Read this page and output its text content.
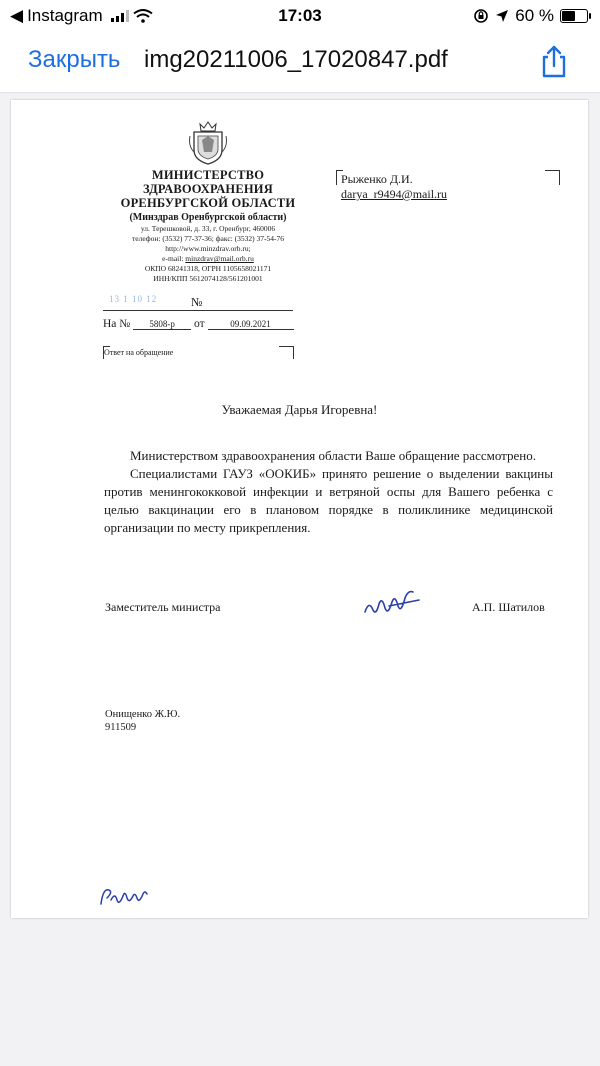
◀ Instagram	17:03	60 %
Закрыть img20211006_17020847.pdf
МИНИСТЕРСТВО
ЗДРАВООХРАНЕНИЯ
ОРЕНБУРГСКОЙ ОБЛАСТИ
(Минздрав Оренбургской области)
ул. Терешковой, д. 33, г. Оренбург, 460006
телефон: (3532) 77-37-36; факс: (3532) 37-54-76
http://www.minzdrav.orb.ru;
e-mail: minzdrav@mail.orb.ru
ОКПО 68241318, ОГРН 1105658021171
ИНН/КПП 5612074128/561201001
13 1 10 12	№
На № 5808-р от	09.09.2021
Ответ на обращение
Рыженко Д.И.
darya_r9494@mail.ru
Уважаемая Дарья Игоревна!

Министерством здравоохранения области Ваше обращение рассмотрено.

Специалистами ГАУЗ «ООКИБ» принято решение о выделении вакцины против менингококковой инфекции и ветряной оспы для Вашего ребенка с целью вакцинации его в плановом порядке в поликлинике медицинской организации по месту прикрепления.

Заместитель министра	А.П. Шатилов
Онищенко Ж.Ю.
911509
